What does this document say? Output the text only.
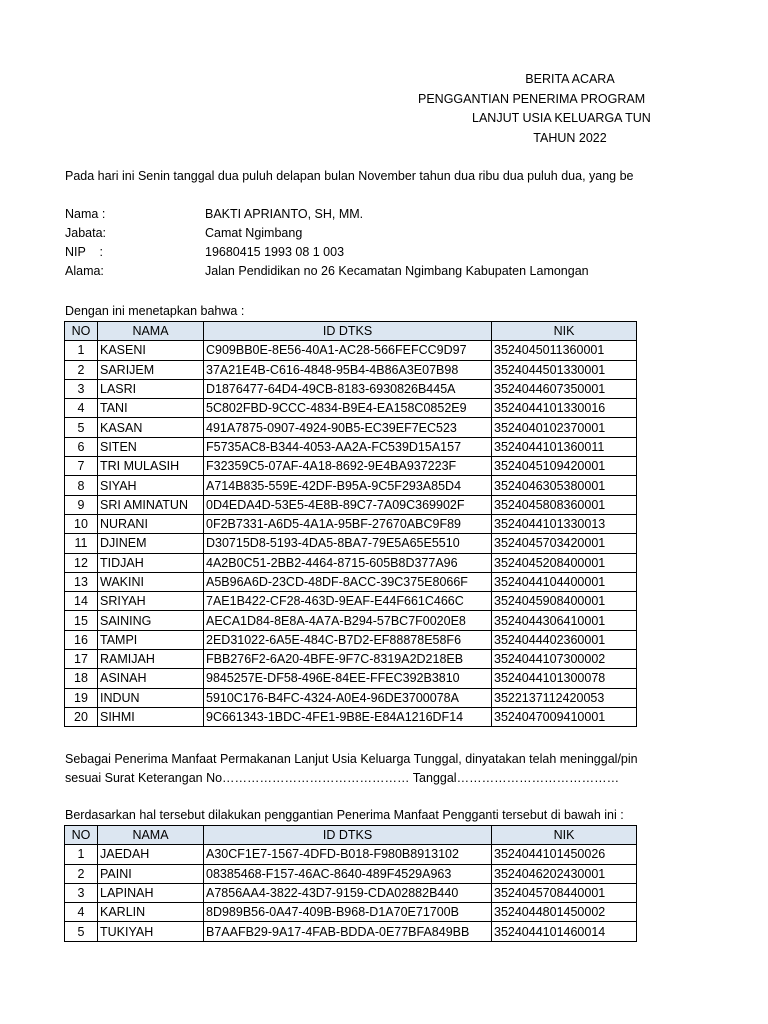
BERITA ACARA
PENGGANTIAN PENERIMA PROGRAM
LANJUT USIA KELUARGA TUN
TAHUN 2022
Pada hari ini Senin tanggal dua puluh delapan bulan November tahun dua ribu dua puluh dua, yang be
Nama :	BAKTI APRIANTO, SH, MM.
Jabata:	Camat Ngimbang
NIP    :	19680415 1993 08 1 003
Alama:	Jalan Pendidikan no 26 Kecamatan Ngimbang Kabupaten Lamongan
Dengan ini menetapkan bahwa :
NO	NAMA	ID DTKS	NIK
1	KASENI	C909BB0E-8E56-40A1-AC28-566FEFCC9D97	3524045011360001
2	SARIJEM	37A21E4B-C616-4848-95B4-4B86A3E07B98	3524044501330001
3	LASRI	D1876477-64D4-49CB-8183-6930826B445A	3524044607350001
4	TANI	5C802FBD-9CCC-4834-B9E4-EA158C0852E9	3524044101330016
5	KASAN	491A7875-0907-4924-90B5-EC39EF7EC523	3524040102370001
6	SITEN	F5735AC8-B344-4053-AA2A-FC539D15A157	3524044101360011
7	TRI MULASIH	F32359C5-07AF-4A18-8692-9E4BA937223F	3524045109420001
8	SIYAH	A714B835-559E-42DF-B95A-9C5F293A85D4	3524046305380001
9	SRI AMINATUN	0D4EDA4D-53E5-4E8B-89C7-7A09C369902F	3524045808360001
10	NURANI	0F2B7331-A6D5-4A1A-95BF-27670ABC9F89	3524044101330013
11	DJINEM	D30715D8-5193-4DA5-8BA7-79E5A65E5510	3524045703420001
12	TIDJAH	4A2B0C51-2BB2-4464-8715-605B8D377A96	3524045208400001
13	WAKINI	A5B96A6D-23CD-48DF-8ACC-39C375E8066F	3524044104400001
14	SRIYAH	7AE1B422-CF28-463D-9EAF-E44F661C466C	3524045908400001
15	SAINING	AECA1D84-8E8A-4A7A-B294-57BC7F0020E8	3524044306410001
16	TAMPI	2ED31022-6A5E-484C-B7D2-EF88878E58F6	3524044402360001
17	RAMIJAH	FBB276F2-6A20-4BFE-9F7C-8319A2D218EB	3524044107300002
18	ASINAH	9845257E-DF58-496E-84EE-FFEC392B3810	3524044101300078
19	INDUN	5910C176-B4FC-4324-A0E4-96DE3700078A	3522137112420053
20	SIHMI	9C661343-1BDC-4FE1-9B8E-E84A1216DF14	3524047009410001
Sebagai Penerima Manfaat Permakanan Lanjut Usia Keluarga Tunggal, dinyatakan telah meninggal/pin
sesuai Surat Keterangan No……………………………………… Tanggal…………………………………
Berdasarkan hal tersebut dilakukan penggantian Penerima Manfaat Pengganti tersebut di bawah ini :
NO	NAMA	ID DTKS	NIK
1	JAEDAH	A30CF1E7-1567-4DFD-B018-F980B8913102	3524044101450026
2	PAINI	08385468-F157-46AC-8640-489F4529A963	3524046202430001
3	LAPINAH	A7856AA4-3822-43D7-9159-CDA02882B440	3524045708440001
4	KARLIN	8D989B56-0A47-409B-B968-D1A70E71700B	3524044801450002
5	TUKIYAH	B7AAFB29-9A17-4FAB-BDDA-0E77BFA849BB	3524044101460014
